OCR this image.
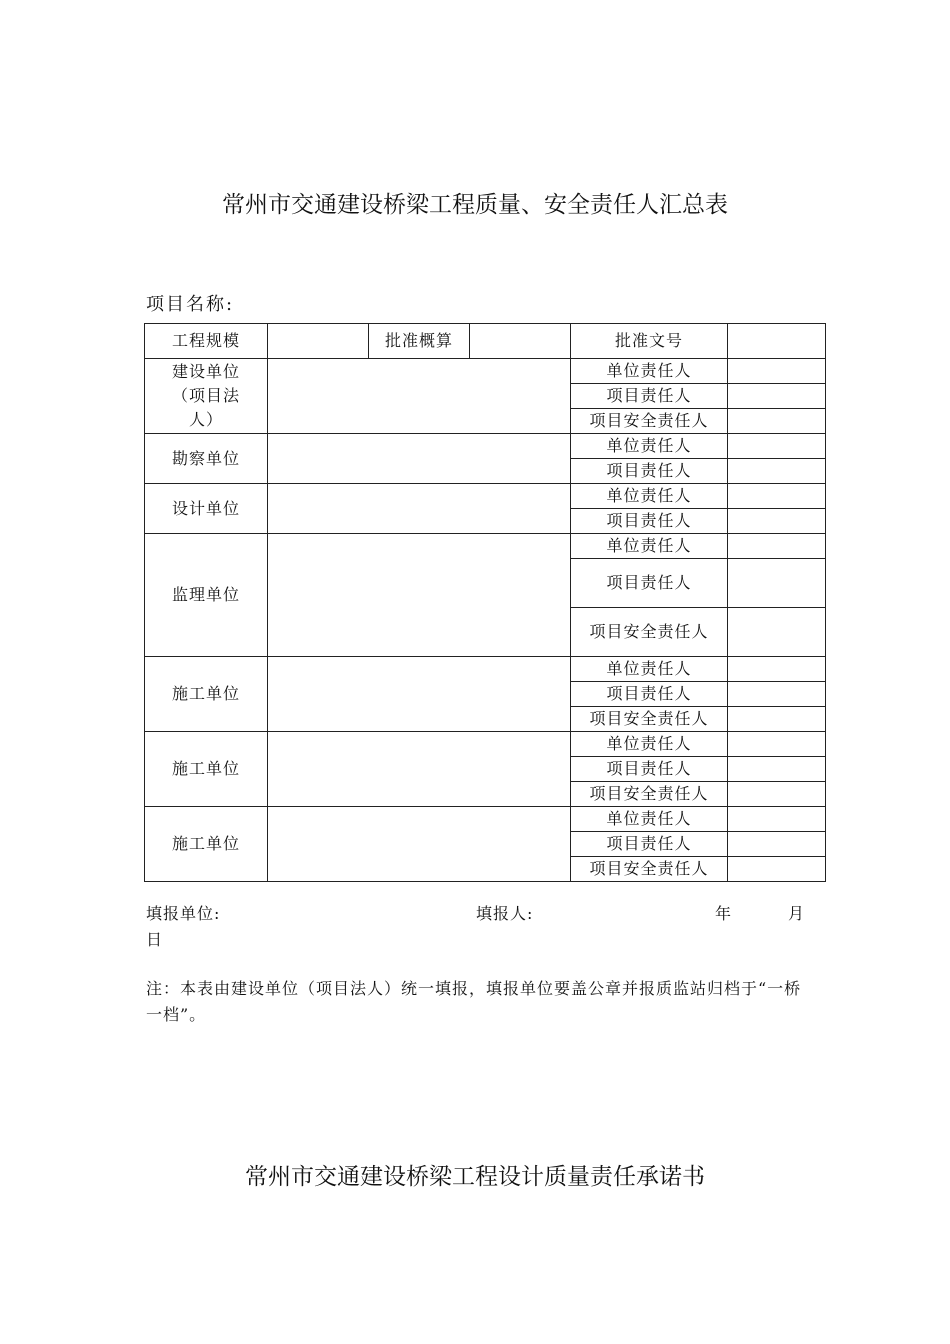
常州市交通建设桥梁工程质量、安全责任人汇总表
项目名称:
工程规模		批准概算		批准文号	
建设单位（项目法人）				单位责任人	
				项目责任人	
				项目安全责任人	
勘察单位				单位责任人	
				项目责任人	
设计单位				单位责任人	
				项目责任人	
监理单位				单位责任人	
				项目责任人	
				项目安全责任人	
施工单位				单位责任人	
				项目责任人	
				项目安全责任人	
施工单位				单位责任人	
				项目责任人	
				项目安全责任人	
施工单位				单位责任人	
				项目责任人	
				项目安全责任人	
填报单位:	填报人:	年	月
日
注：本表由建设单位（项目法人）统一填报，填报单位要盖公章并报质监站归档于“一桥一档”。
常州市交通建设桥梁工程设计质量责任承诺书
